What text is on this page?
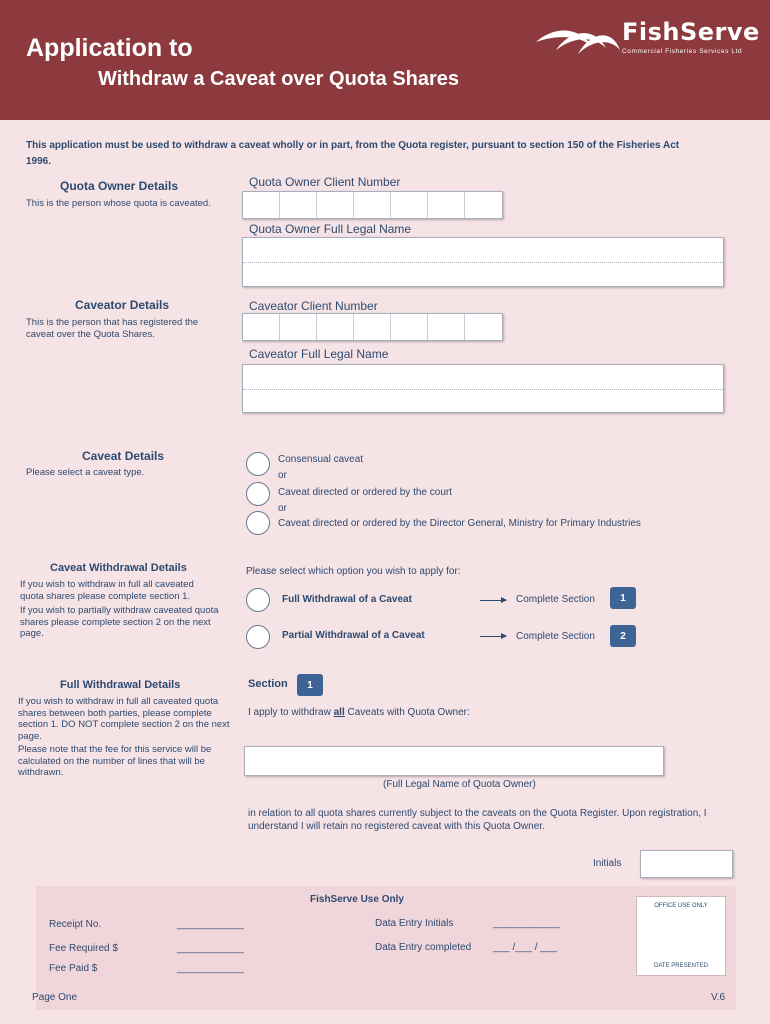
Application to
Withdraw a Caveat over Quota Shares
FishServe
Commercial Fisheries Services Ltd
This application must be used to withdraw a caveat wholly or in part, from the Quota register, pursuant to section 150 of the Fisheries Act 1996.
Quota Owner Details
This is the person whose quota is caveated.
Quota Owner Client Number
Quota Owner Full Legal Name
Caveator Details
This is the person that has registered the caveat over the Quota Shares.
Caveator Client Number
Caveator Full Legal Name
Caveat Details
Please select a caveat type.
Consensual caveat
or
Caveat directed or ordered by the court
or
Caveat directed or ordered by the Director General, Ministry for Primary Industries
Caveat Withdrawal Details
If you wish to withdraw in full all caveated quota shares please complete section 1.
If you wish to partially withdraw caveated quota shares please complete section 2 on the next page.
Please select which option you wish to apply for:
Full Withdrawal of a Caveat	Complete Section	1
Partial Withdrawal of a Caveat	Complete Section	2
Full Withdrawal Details
If you wish to withdraw in full all caveated quota shares between both parties, please complete section 1. DO NOT complete section 2 on the next page.
Please note that the fee for this service will be calculated on the number of lines that will be withdrawn.
Section	1
I apply to withdraw all Caveats with Quota Owner:
(Full Legal Name of Quota Owner)
in relation to all quota shares currently subject to the caveats on the Quota Register. Upon registration, I understand I will retain no registered caveat with this Quota Owner.
Initials
FishServe Use Only
Receipt No.	____________
Fee Required $	____________
Fee Paid $	____________
Data Entry Initials	____________
Data Entry completed ___ /___ / ___
OFFICE USE ONLY
DATE PRESENTED
Page One	V.6
